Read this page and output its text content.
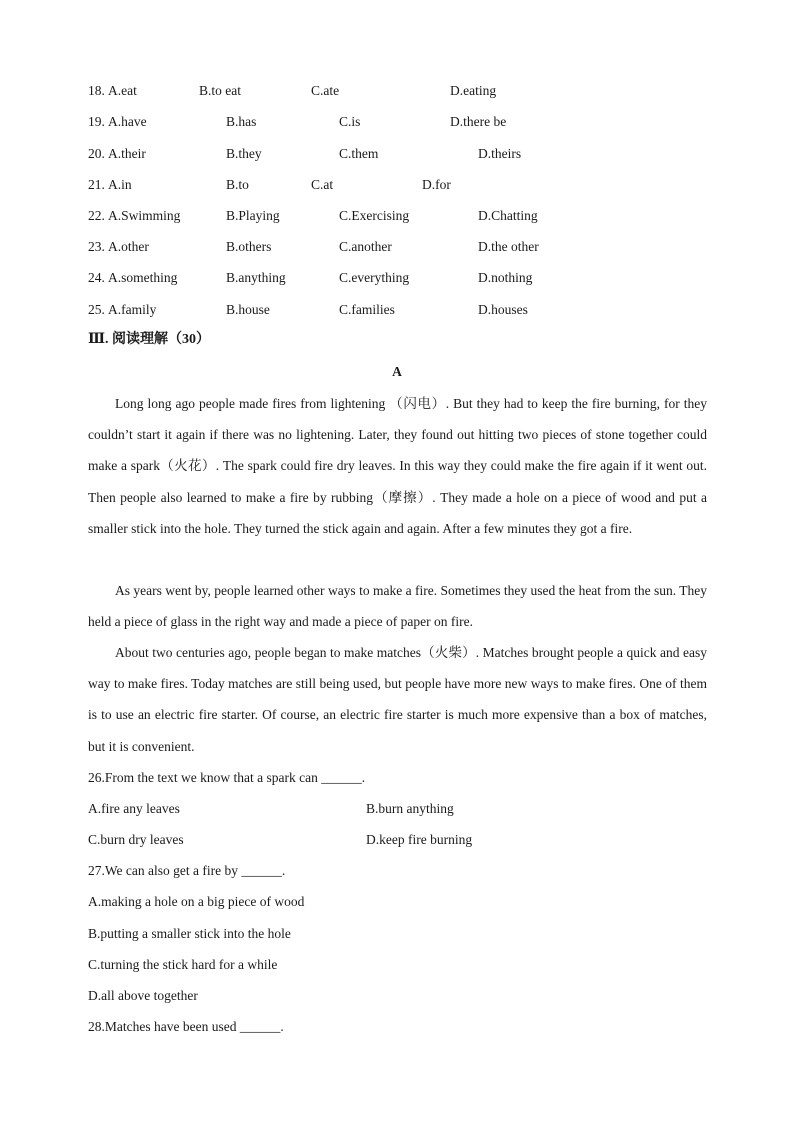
18. A.eat	B.to eat	C.ate	D.eating
19. A.have	B.has	C.is	D.there be
20. A.their	B.they	C.them	D.theirs
21. A.in	B.to	C.at	D.for
22. A.Swimming	B.Playing	C.Exercising	D.Chatting
23. A.other	B.others	C.another	D.the other
24. A.something	B.anything	C.everything	D.nothing
25. A.family	B.house	C.families	D.houses
Ⅲ. 阅读理解（30）
A

Long long ago people made fires from lightening （闪电）. But they had to keep the fire burning, for they couldn’t start it again if there was no lightening. Later, they found out hitting two pieces of stone together could make a spark（火花）. The spark could fire dry leaves. In this way they could make the fire again if it went out. Then people also learned to make a fire by rubbing（摩擦）. They made a hole on a piece of wood and put a smaller stick into the hole. They turned the stick again and again. After a few minutes they got a fire.

As years went by, people learned other ways to make a fire. Sometimes they used the heat from the sun. They held a piece of glass in the right way and made a piece of paper on fire.

About two centuries ago, people began to make matches（火柴）. Matches brought people a quick and easy way to make fires. Today matches are still being used, but people have more new ways to make fires. One of them is to use an electric fire starter. Of course, an electric fire starter is much more expensive than a box of matches, but it is convenient.

26.From the text we know that a spark can ______.
A.fire any leaves	B.burn anything
C.burn dry leaves	D.keep fire burning
27.We can also get a fire by ______.
A.making a hole on a big piece of wood
B.putting a smaller stick into the hole
C.turning the stick hard for a while
D.all above together
28.Matches have been used ______.
